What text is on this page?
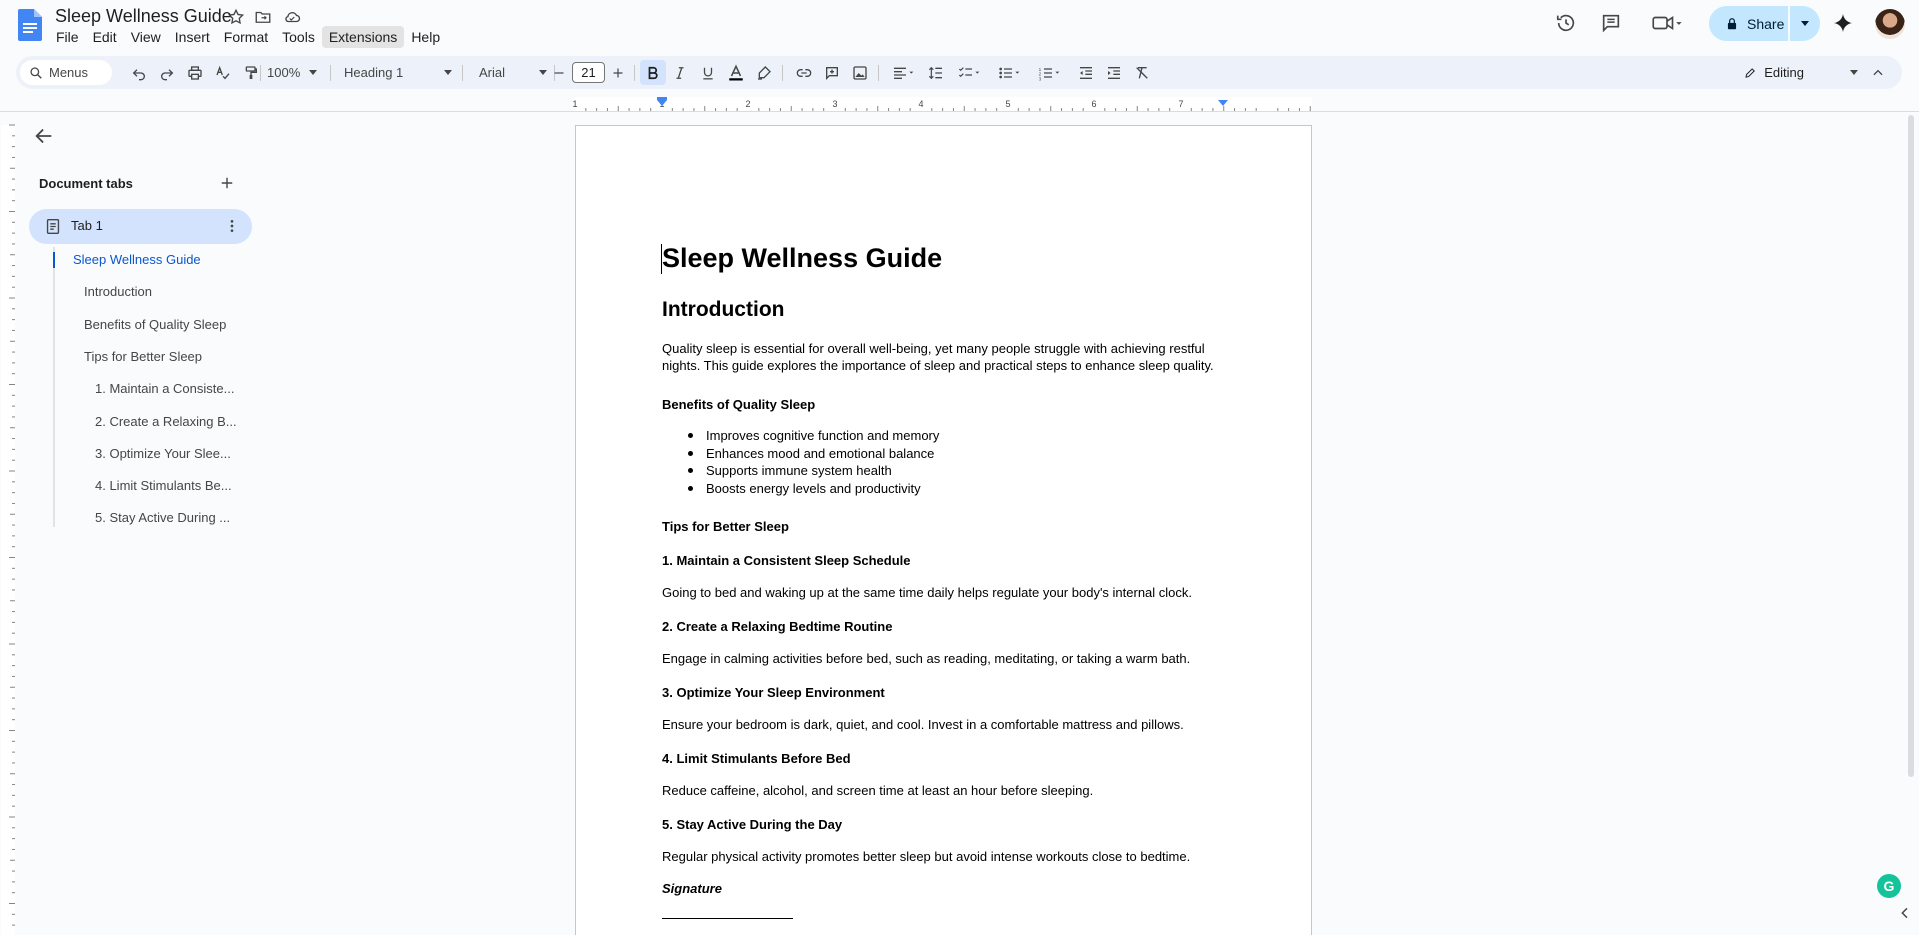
Sleep Wellness Guide
File	Edit	View	Insert	Format	Tools	Extensions	Help
Share
Menus	100%	Heading 1	Arial	21	1
2
3	Editing
1	2	3	4	5	6	7
Document tabs
Tab 1
Sleep Wellness Guide
Introduction
Benefits of Quality Sleep
Tips for Better Sleep
1. Maintain a Consiste...
2. Create a Relaxing B...
3. Optimize Your Slee...
4. Limit Stimulants Be...
5. Stay Active During ...
Sleep Wellness Guide
Introduction
Quality sleep is essential for overall well-being, yet many people struggle with achieving restful
nights. This guide explores the importance of sleep and practical steps to enhance sleep quality.
Benefits of Quality Sleep
Improves cognitive function and memory
Enhances mood and emotional balance
Supports immune system health
Boosts energy levels and productivity
Tips for Better Sleep
1. Maintain a Consistent Sleep Schedule
Going to bed and waking up at the same time daily helps regulate your body's internal clock.
2. Create a Relaxing Bedtime Routine
Engage in calming activities before bed, such as reading, meditating, or taking a warm bath.
3. Optimize Your Sleep Environment
Ensure your bedroom is dark, quiet, and cool. Invest in a comfortable mattress and pillows.
4. Limit Stimulants Before Bed
Reduce caffeine, alcohol, and screen time at least an hour before sleeping.
5. Stay Active During the Day
Regular physical activity promotes better sleep but avoid intense workouts close to bedtime.
Signature	G
